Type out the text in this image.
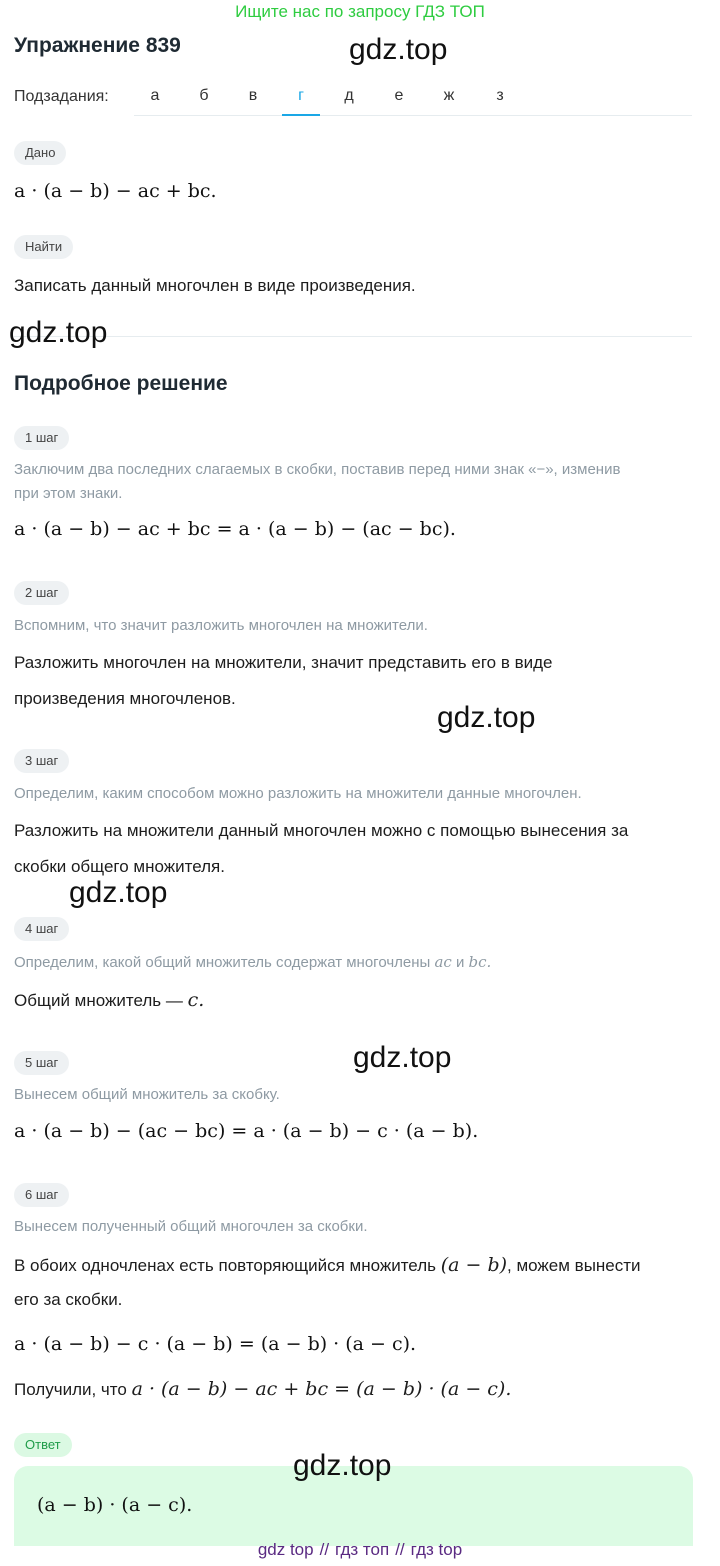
Ищите нас по запросу ГДЗ ТОП
Упражнение 839
Подзадания:	а	б	в	г	д	е	ж	з
Дано
a · (a − b) − ac + bc.
Найти
Записать данный многочлен в виде произведения.
Подробное решение
1 шаг
Заключим два последних слагаемых в скобки, поставив перед ними знак «−», изменив
при этом знаки.
a · (a − b) − ac + bc = a · (a − b) − (ac − bc).
2 шаг
Вспомним, что значит разложить многочлен на множители.
Разложить многочлен на множители, значит представить его в виде
произведения многочленов.
3 шаг
Определим, каким способом можно разложить на множители данные многочлен.
Разложить на множители данный многочлен можно с помощью вынесения за
скобки общего множителя.
4 шаг
Определим, какой общий множитель содержат многочлены ac и bc.
Общий множитель — c.
5 шаг
Вынесем общий множитель за скобку.
a · (a − b) − (ac − bc) = a · (a − b) − c · (a − b).
6 шаг
Вынесем полученный общий многочлен за скобки.
В обоих одночленах есть повторяющийся множитель (a − b), можем вынести
его за скобки.
a · (a − b) − c · (a − b) = (a − b) · (a − c).
Получили, что a · (a − b) − ac + bc = (a − b) · (a − c).
Ответ
(a − b) · (a − c).
gdz.top
gdz.top
gdz.top
gdz.top
gdz.top
gdz.top
gdz top // гдз топ // гдз top
